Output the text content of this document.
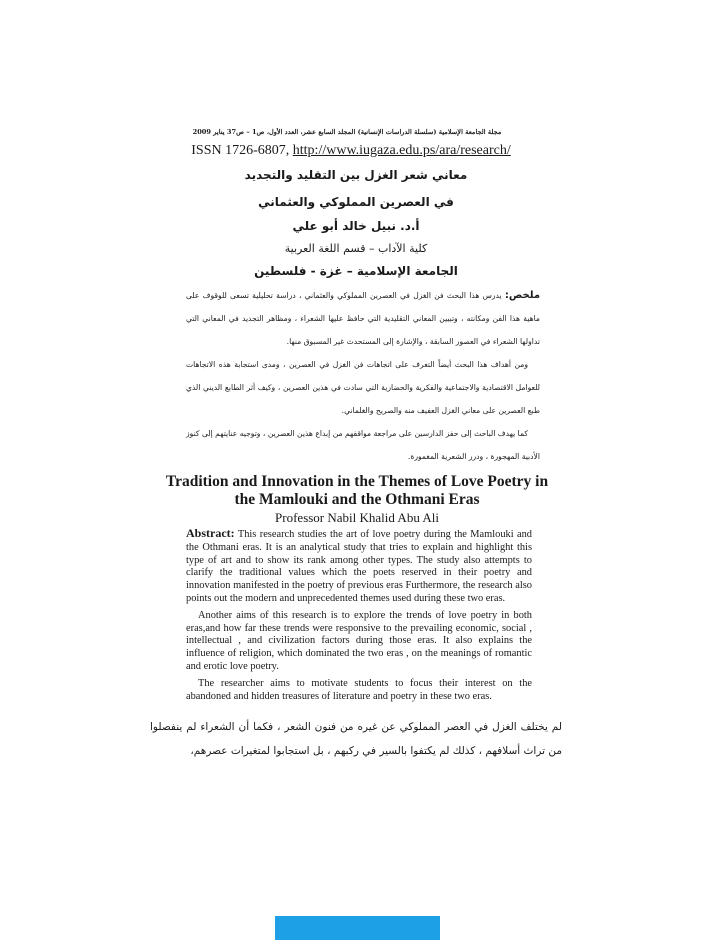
مجلة الجامعة الإسلامية (سلسلة الدراسات الإنسانية) المجلد السابع عشر، العدد الأول، ص1 – ص37 يناير 2009
ISSN 1726-6807, http://www.iugaza.edu.ps/ara/research/
معاني شعر الغزل بين التقليد والتجديد
في العصرين المملوكي والعثماني
أ.د. نبيل خالد أبو علي
كلية الآداب – قسم اللغة العربية
الجامعة الإسلامية – غزة - فلسطين

ملخص: يدرس هذا البحث فن الغزل في العصرين المملوكي والعثماني ، دراسة تحليلية تسعى للوقوف على ماهية هذا الفن ومكانته ، وتبيين المعاني التقليدية التي حافظ عليها الشعراء ، ومظاهر التجديد في المعاني التي تداولها الشعراء في العصور السابقة ، والإشارة إلى المستحدث غير المسبوق منها.

ومن أهداف هذا البحث أيضاً التعرف على اتجاهات فن الغزل في العصرين ، ومدى استجابة هذه الاتجاهات للعوامل الاقتصادية والاجتماعية والفكرية والحضارية التي سادت في هذين العصرين ، وكيف أثر الطابع الديني الذي طبع العصرين على معاني الغزل العفيف منه والصريح والغلماني.

كما يهدف الباحث إلى حفز الدارسين على مراجعة مواقفهم من إبداع هذين العصرين ، وتوجيه عنايتهم إلى كنوز الأدبية المهجورة ، ودرر الشعرية المغمورة.

Tradition and Innovation in the Themes of Love Poetry in the Mamlouki and the Othmani Eras
Professor Nabil Khalid Abu Ali

Abstract: This research studies the art of love poetry during the Mamlouki and the Othmani eras. It is an analytical study that tries to explain and highlight this type of art and to show its rank among other types. The study also attempts to clarify the traditional values which the poets reserved in their poetry and innovation manifested in the poetry of previous eras Furthermore, the research also points out the modern and unprecedented themes used during these two eras.

Another aims of this research is to explore the trends of love poetry in both eras,and how far these trends were responsive to the prevailing economic, social , intellectual , and civilization factors during those eras. It also explains the influence of religion, which dominated the two eras , on the meanings of romantic and erotic love poetry.

The researcher aims to motivate students to focus their interest on the abandoned and hidden treasures of literature and poetry in these two eras.

لم يختلف الغزل في العصر المملوكي عن غيره من فنون الشعر ، فكما أن الشعراء لم ينفصلوا من تراث أسلافهم ، كذلك لم يكتفوا بالسير في ركبهم ، بل استجابوا لمتغيرات عصرهم،
